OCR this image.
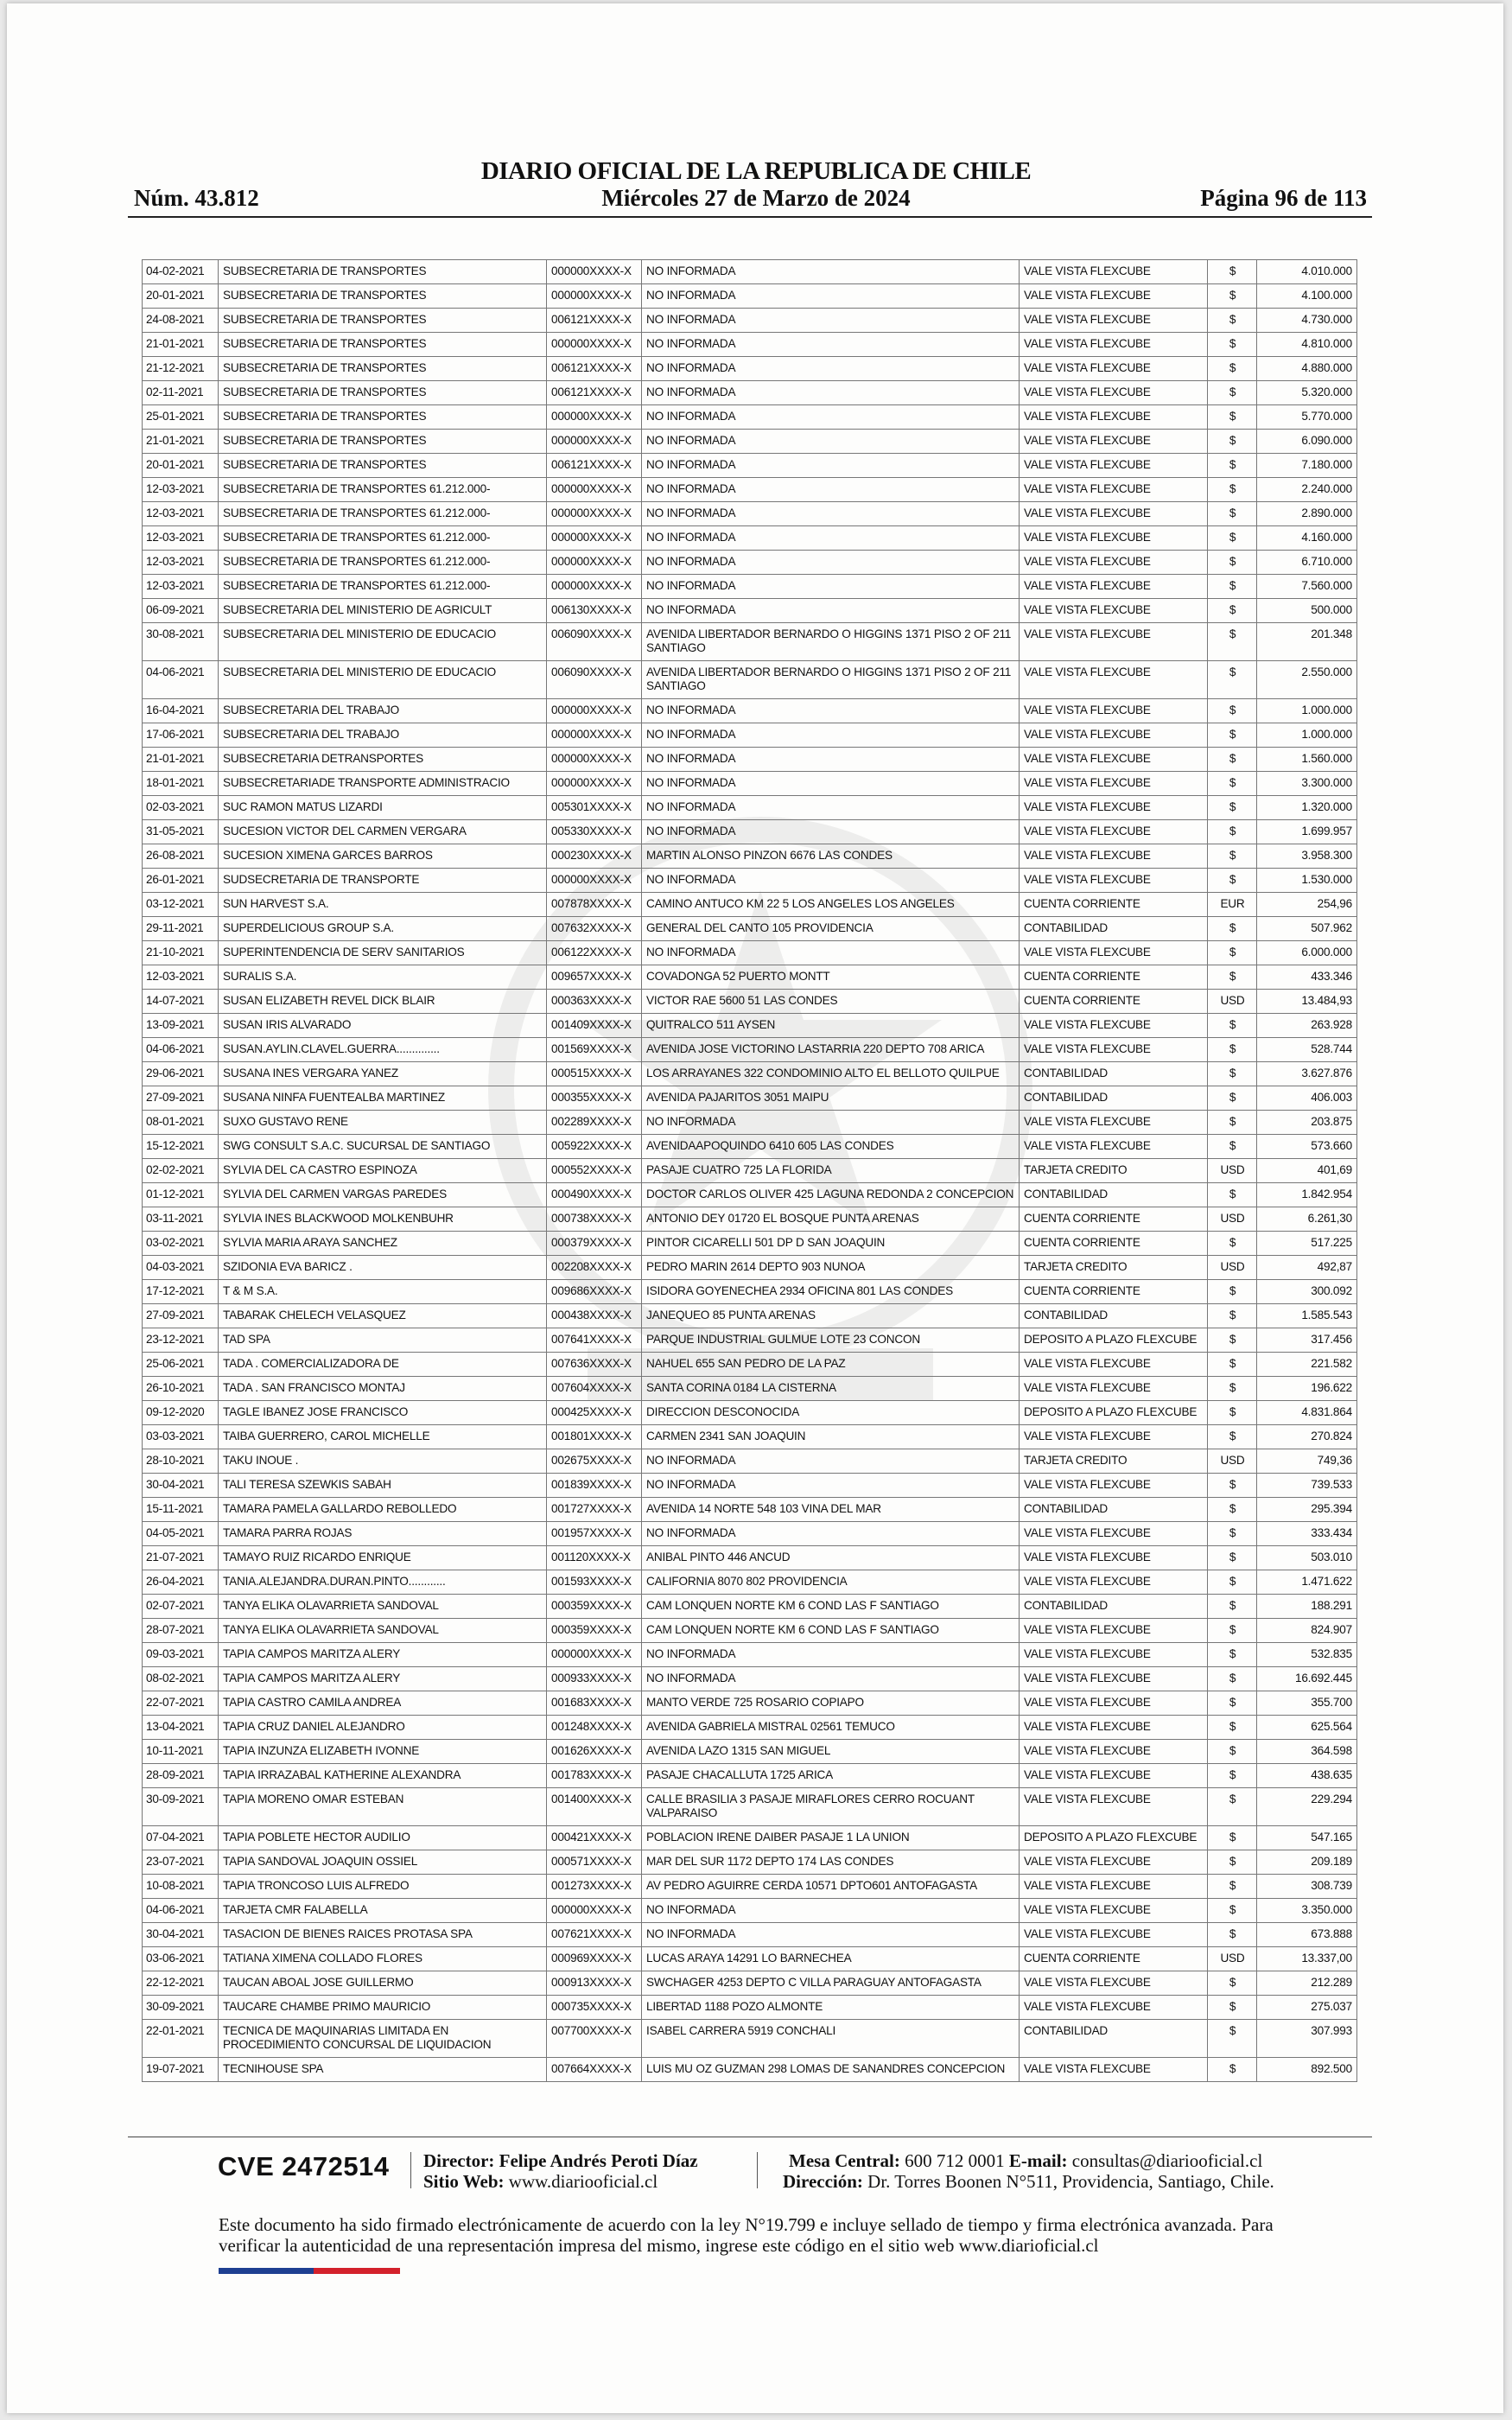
DIARIO OFICIAL DE LA REPUBLICA DE CHILE
Núm. 43.812	Miércoles 27 de Marzo de 2024	Página 96 de 113
04-02-2021	SUBSECRETARIA DE TRANSPORTES	000000XXXX-X	NO INFORMADA	VALE VISTA FLEXCUBE	$	4.010.000
20-01-2021	SUBSECRETARIA DE TRANSPORTES	000000XXXX-X	NO INFORMADA	VALE VISTA FLEXCUBE	$	4.100.000
24-08-2021	SUBSECRETARIA DE TRANSPORTES	006121XXXX-X	NO INFORMADA	VALE VISTA FLEXCUBE	$	4.730.000
21-01-2021	SUBSECRETARIA DE TRANSPORTES	000000XXXX-X	NO INFORMADA	VALE VISTA FLEXCUBE	$	4.810.000
21-12-2021	SUBSECRETARIA DE TRANSPORTES	006121XXXX-X	NO INFORMADA	VALE VISTA FLEXCUBE	$	4.880.000
02-11-2021	SUBSECRETARIA DE TRANSPORTES	006121XXXX-X	NO INFORMADA	VALE VISTA FLEXCUBE	$	5.320.000
25-01-2021	SUBSECRETARIA DE TRANSPORTES	000000XXXX-X	NO INFORMADA	VALE VISTA FLEXCUBE	$	5.770.000
21-01-2021	SUBSECRETARIA DE TRANSPORTES	000000XXXX-X	NO INFORMADA	VALE VISTA FLEXCUBE	$	6.090.000
20-01-2021	SUBSECRETARIA DE TRANSPORTES	006121XXXX-X	NO INFORMADA	VALE VISTA FLEXCUBE	$	7.180.000
12-03-2021	SUBSECRETARIA DE TRANSPORTES 61.212.000-	000000XXXX-X	NO INFORMADA	VALE VISTA FLEXCUBE	$	2.240.000
12-03-2021	SUBSECRETARIA DE TRANSPORTES 61.212.000-	000000XXXX-X	NO INFORMADA	VALE VISTA FLEXCUBE	$	2.890.000
12-03-2021	SUBSECRETARIA DE TRANSPORTES 61.212.000-	000000XXXX-X	NO INFORMADA	VALE VISTA FLEXCUBE	$	4.160.000
12-03-2021	SUBSECRETARIA DE TRANSPORTES 61.212.000-	000000XXXX-X	NO INFORMADA	VALE VISTA FLEXCUBE	$	6.710.000
12-03-2021	SUBSECRETARIA DE TRANSPORTES 61.212.000-	000000XXXX-X	NO INFORMADA	VALE VISTA FLEXCUBE	$	7.560.000
06-09-2021	SUBSECRETARIA DEL MINISTERIO DE AGRICULT	006130XXXX-X	NO INFORMADA	VALE VISTA FLEXCUBE	$	500.000
30-08-2021	SUBSECRETARIA DEL MINISTERIO DE EDUCACIO	006090XXXX-X	AVENIDA LIBERTADOR BERNARDO O HIGGINS 1371 PISO 2 OF 211 SANTIAGO	VALE VISTA FLEXCUBE	$	201.348
04-06-2021	SUBSECRETARIA DEL MINISTERIO DE EDUCACIO	006090XXXX-X	AVENIDA LIBERTADOR BERNARDO O HIGGINS 1371 PISO 2 OF 211 SANTIAGO	VALE VISTA FLEXCUBE	$	2.550.000
16-04-2021	SUBSECRETARIA DEL TRABAJO	000000XXXX-X	NO INFORMADA	VALE VISTA FLEXCUBE	$	1.000.000
17-06-2021	SUBSECRETARIA DEL TRABAJO	000000XXXX-X	NO INFORMADA	VALE VISTA FLEXCUBE	$	1.000.000
21-01-2021	SUBSECRETARIA DETRANSPORTES	000000XXXX-X	NO INFORMADA	VALE VISTA FLEXCUBE	$	1.560.000
18-01-2021	SUBSECRETARIADE TRANSPORTE ADMINISTRACIO	000000XXXX-X	NO INFORMADA	VALE VISTA FLEXCUBE	$	3.300.000
02-03-2021	SUC RAMON MATUS LIZARDI	005301XXXX-X	NO INFORMADA	VALE VISTA FLEXCUBE	$	1.320.000
31-05-2021	SUCESION VICTOR DEL CARMEN VERGARA	005330XXXX-X	NO INFORMADA	VALE VISTA FLEXCUBE	$	1.699.957
26-08-2021	SUCESION XIMENA GARCES BARROS	000230XXXX-X	MARTIN ALONSO PINZON 6676 LAS CONDES	VALE VISTA FLEXCUBE	$	3.958.300
26-01-2021	SUDSECRETARIA DE TRANSPORTE	000000XXXX-X	NO INFORMADA	VALE VISTA FLEXCUBE	$	1.530.000
03-12-2021	SUN HARVEST S.A.	007878XXXX-X	CAMINO ANTUCO KM 22 5 LOS ANGELES LOS ANGELES	CUENTA CORRIENTE	EUR	254,96
29-11-2021	SUPERDELICIOUS GROUP S.A.	007632XXXX-X	GENERAL DEL CANTO 105 PROVIDENCIA	CONTABILIDAD	$	507.962
21-10-2021	SUPERINTENDENCIA DE SERV SANITARIOS	006122XXXX-X	NO INFORMADA	VALE VISTA FLEXCUBE	$	6.000.000
12-03-2021	SURALIS S.A.	009657XXXX-X	COVADONGA 52 PUERTO MONTT	CUENTA CORRIENTE	$	433.346
14-07-2021	SUSAN ELIZABETH REVEL DICK BLAIR	000363XXXX-X	VICTOR RAE 5600 51 LAS CONDES	CUENTA CORRIENTE	USD	13.484,93
13-09-2021	SUSAN IRIS ALVARADO	001409XXXX-X	QUITRALCO 511 AYSEN	VALE VISTA FLEXCUBE	$	263.928
04-06-2021	SUSAN.AYLIN.CLAVEL.GUERRA..............	001569XXXX-X	AVENIDA JOSE VICTORINO LASTARRIA 220 DEPTO 708 ARICA	VALE VISTA FLEXCUBE	$	528.744
29-06-2021	SUSANA INES VERGARA YANEZ	000515XXXX-X	LOS ARRAYANES 322 CONDOMINIO ALTO EL BELLOTO QUILPUE	CONTABILIDAD	$	3.627.876
27-09-2021	SUSANA NINFA FUENTEALBA MARTINEZ	000355XXXX-X	AVENIDA PAJARITOS 3051 MAIPU	CONTABILIDAD	$	406.003
08-01-2021	SUXO GUSTAVO RENE	002289XXXX-X	NO INFORMADA	VALE VISTA FLEXCUBE	$	203.875
15-12-2021	SWG CONSULT S.A.C. SUCURSAL DE SANTIAGO	005922XXXX-X	AVENIDAAPOQUINDO 6410 605 LAS CONDES	VALE VISTA FLEXCUBE	$	573.660
02-02-2021	SYLVIA DEL CA CASTRO ESPINOZA	000552XXXX-X	PASAJE CUATRO 725 LA FLORIDA	TARJETA CREDITO	USD	401,69
01-12-2021	SYLVIA DEL CARMEN VARGAS PAREDES	000490XXXX-X	DOCTOR CARLOS OLIVER 425 LAGUNA REDONDA 2 CONCEPCION	CONTABILIDAD	$	1.842.954
03-11-2021	SYLVIA INES BLACKWOOD MOLKENBUHR	000738XXXX-X	ANTONIO DEY 01720 EL BOSQUE PUNTA ARENAS	CUENTA CORRIENTE	USD	6.261,30
03-02-2021	SYLVIA MARIA ARAYA SANCHEZ	000379XXXX-X	PINTOR CICARELLI 501 DP D SAN JOAQUIN	CUENTA CORRIENTE	$	517.225
04-03-2021	SZIDONIA EVA BARICZ .	002208XXXX-X	PEDRO MARIN 2614 DEPTO 903 NUNOA	TARJETA CREDITO	USD	492,87
17-12-2021	T & M S.A.	009686XXXX-X	ISIDORA GOYENECHEA 2934 OFICINA 801 LAS CONDES	CUENTA CORRIENTE	$	300.092
27-09-2021	TABARAK CHELECH VELASQUEZ	000438XXXX-X	JANEQUEO 85 PUNTA ARENAS	CONTABILIDAD	$	1.585.543
23-12-2021	TAD SPA	007641XXXX-X	PARQUE INDUSTRIAL GULMUE LOTE 23 CONCON	DEPOSITO A PLAZO FLEXCUBE	$	317.456
25-06-2021	TADA . COMERCIALIZADORA DE	007636XXXX-X	NAHUEL 655 SAN PEDRO DE LA PAZ	VALE VISTA FLEXCUBE	$	221.582
26-10-2021	TADA . SAN FRANCISCO MONTAJ	007604XXXX-X	SANTA CORINA 0184 LA CISTERNA	VALE VISTA FLEXCUBE	$	196.622
09-12-2020	TAGLE IBANEZ JOSE FRANCISCO	000425XXXX-X	DIRECCION DESCONOCIDA	DEPOSITO A PLAZO FLEXCUBE	$	4.831.864
03-03-2021	TAIBA GUERRERO, CAROL MICHELLE	001801XXXX-X	CARMEN 2341 SAN JOAQUIN	VALE VISTA FLEXCUBE	$	270.824
28-10-2021	TAKU INOUE .	002675XXXX-X	NO INFORMADA	TARJETA CREDITO	USD	749,36
30-04-2021	TALI TERESA SZEWKIS SABAH	001839XXXX-X	NO INFORMADA	VALE VISTA FLEXCUBE	$	739.533
15-11-2021	TAMARA PAMELA GALLARDO REBOLLEDO	001727XXXX-X	AVENIDA 14 NORTE 548 103 VINA DEL MAR	CONTABILIDAD	$	295.394
04-05-2021	TAMARA PARRA ROJAS	001957XXXX-X	NO INFORMADA	VALE VISTA FLEXCUBE	$	333.434
21-07-2021	TAMAYO RUIZ RICARDO ENRIQUE	001120XXXX-X	ANIBAL PINTO 446 ANCUD	VALE VISTA FLEXCUBE	$	503.010
26-04-2021	TANIA.ALEJANDRA.DURAN.PINTO............	001593XXXX-X	CALIFORNIA 8070 802 PROVIDENCIA	VALE VISTA FLEXCUBE	$	1.471.622
02-07-2021	TANYA ELIKA OLAVARRIETA SANDOVAL	000359XXXX-X	CAM LONQUEN NORTE KM 6 COND LAS F SANTIAGO	CONTABILIDAD	$	188.291
28-07-2021	TANYA ELIKA OLAVARRIETA SANDOVAL	000359XXXX-X	CAM LONQUEN NORTE KM 6 COND LAS F SANTIAGO	VALE VISTA FLEXCUBE	$	824.907
09-03-2021	TAPIA CAMPOS MARITZA ALERY	000000XXXX-X	NO INFORMADA	VALE VISTA FLEXCUBE	$	532.835
08-02-2021	TAPIA CAMPOS MARITZA ALERY	000933XXXX-X	NO INFORMADA	VALE VISTA FLEXCUBE	$	16.692.445
22-07-2021	TAPIA CASTRO CAMILA ANDREA	001683XXXX-X	MANTO VERDE 725 ROSARIO COPIAPO	VALE VISTA FLEXCUBE	$	355.700
13-04-2021	TAPIA CRUZ DANIEL ALEJANDRO	001248XXXX-X	AVENIDA GABRIELA MISTRAL 02561 TEMUCO	VALE VISTA FLEXCUBE	$	625.564
10-11-2021	TAPIA INZUNZA ELIZABETH IVONNE	001626XXXX-X	AVENIDA LAZO 1315 SAN MIGUEL	VALE VISTA FLEXCUBE	$	364.598
28-09-2021	TAPIA IRRAZABAL KATHERINE ALEXANDRA	001783XXXX-X	PASAJE CHACALLUTA 1725 ARICA	VALE VISTA FLEXCUBE	$	438.635
30-09-2021	TAPIA MORENO OMAR ESTEBAN	001400XXXX-X	CALLE BRASILIA 3 PASAJE MIRAFLORES CERRO ROCUANT VALPARAISO	VALE VISTA FLEXCUBE	$	229.294
07-04-2021	TAPIA POBLETE HECTOR AUDILIO	000421XXXX-X	POBLACION IRENE DAIBER PASAJE 1 LA UNION	DEPOSITO A PLAZO FLEXCUBE	$	547.165
23-07-2021	TAPIA SANDOVAL JOAQUIN OSSIEL	000571XXXX-X	MAR DEL SUR 1172 DEPTO 174 LAS CONDES	VALE VISTA FLEXCUBE	$	209.189
10-08-2021	TAPIA TRONCOSO LUIS ALFREDO	001273XXXX-X	AV PEDRO AGUIRRE CERDA 10571 DPTO601 ANTOFAGASTA	VALE VISTA FLEXCUBE	$	308.739
04-06-2021	TARJETA CMR FALABELLA	000000XXXX-X	NO INFORMADA	VALE VISTA FLEXCUBE	$	3.350.000
30-04-2021	TASACION DE BIENES RAICES PROTASA SPA	007621XXXX-X	NO INFORMADA	VALE VISTA FLEXCUBE	$	673.888
03-06-2021	TATIANA XIMENA COLLADO FLORES	000969XXXX-X	LUCAS ARAYA 14291 LO BARNECHEA	CUENTA CORRIENTE	USD	13.337,00
22-12-2021	TAUCAN ABOAL JOSE GUILLERMO	000913XXXX-X	SWCHAGER 4253 DEPTO C VILLA PARAGUAY ANTOFAGASTA	VALE VISTA FLEXCUBE	$	212.289
30-09-2021	TAUCARE CHAMBE PRIMO MAURICIO	000735XXXX-X	LIBERTAD 1188 POZO ALMONTE	VALE VISTA FLEXCUBE	$	275.037
22-01-2021	TECNICA DE MAQUINARIAS LIMITADA EN PROCEDIMIENTO CONCURSAL DE LIQUIDACION	007700XXXX-X	ISABEL CARRERA 5919 CONCHALI	CONTABILIDAD	$	307.993
19-07-2021	TECNIHOUSE SPA	007664XXXX-X	LUIS MU OZ GUZMAN 298 LOMAS DE SANANDRES CONCEPCION	VALE VISTA FLEXCUBE	$	892.500
CVE 2472514 Director: Felipe Andrés Peroti Díaz
Sitio Web: www.diariooficial.cl
Mesa Central: 600 712 0001 E-mail: consultas@diariooficial.cl
Dirección: Dr. Torres Boonen N°511, Providencia, Santiago, Chile.
Este documento ha sido firmado electrónicamente de acuerdo con la ley N°19.799 e incluye sellado de tiempo y firma electrónica avanzada. Para verificar la autenticidad de una representación impresa del mismo, ingrese este código en el sitio web www.diarioficial.cl
